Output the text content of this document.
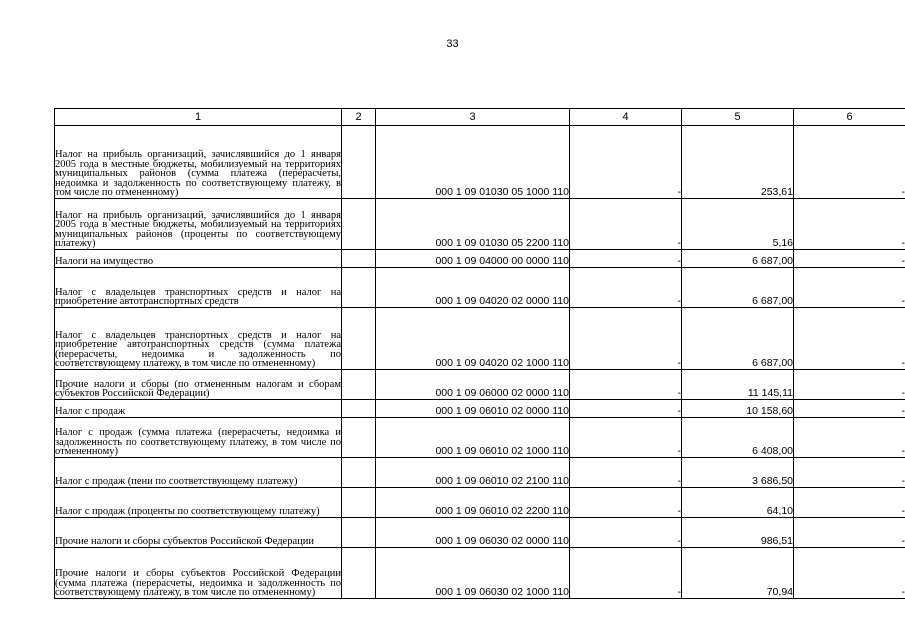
33
1	2	3	4	5	6
Налог на прибыль организаций, зачислявшийся до 1 января 2005 года в местные бюджеты, мобилизуемый на территориях муниципальных районов (сумма платежа (перерасчеты, недоимка и задолженность по соответствующему платежу, в том числе по отмененному)		000 1 09 01030 05 1000 110	-	253,61	-
Налог на прибыль организаций, зачислявшийся до 1 января 2005 года в местные бюджеты, мобилизуемый на территориях муниципальных районов (проценты по соответствующему платежу)		000 1 09 01030 05 2200 110	-	5,16	-
Налоги на имущество		000 1 09 04000 00 0000 110	-	6 687,00	-
Налог с владельцев транспортных средств и налог на приобретение автотранспортных средств		000 1 09 04020 02 0000 110	-	6 687,00	-
Налог с владельцев транспортных средств и налог на приобретение автотранспортных средств (сумма платежа (перерасчеты, недоимка и задолженность по соответствующему платежу, в том числе по отмененному)		000 1 09 04020 02 1000 110	-	6 687,00	-
Прочие налоги и сборы (по отмененным налогам и сборам субъектов Российской Федерации)		000 1 09 06000 02 0000 110	-	11 145,11	-
Налог с продаж		000 1 09 06010 02 0000 110	-	10 158,60	-
Налог с продаж (сумма платежа (перерасчеты, недоимка и задолженность по соответствующему платежу, в том числе по отмененному)		000 1 09 06010 02 1000 110	-	6 408,00	-
Налог с продаж (пени по соответствующему платежу)		000 1 09 06010 02 2100 110	-	3 686,50	-
Налог с продаж (проценты по соответствующему платежу)		000 1 09 06010 02 2200 110	-	64,10	-
Прочие налоги и сборы субъектов Российской Федерации		000 1 09 06030 02 0000 110	-	986,51	-
Прочие налоги и сборы субъектов Российской Федерации (сумма платежа (перерасчеты, недоимка и задолженность по соответствующему платежу, в том числе по отмененному)		000 1 09 06030 02 1000 110	-	70,94	-
